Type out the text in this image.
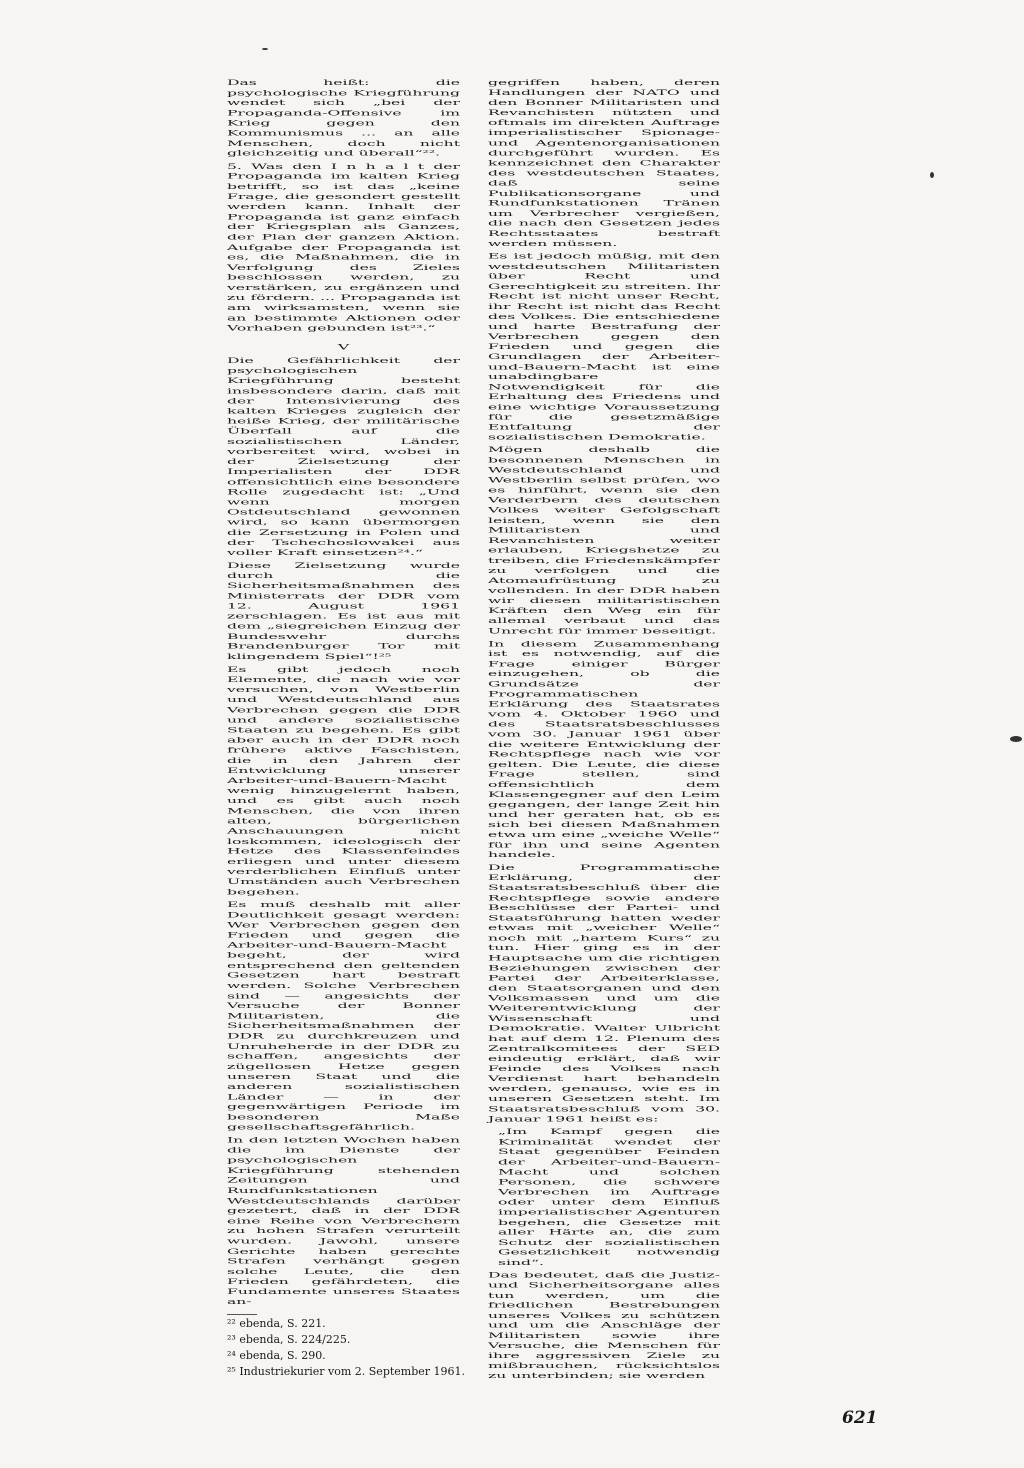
Das heißt: die psychologische Kriegführung wendet sich „bei der Propaganda-Offensive im Krieg gegen den Kommunismus ... an alle Menschen, doch nicht gleichzeitig und überall“²².

5. Was den I n h a l t der Propaganda im kalten Krieg betrifft, so ist das „keine Frage, die gesondert gestellt werden kann. Inhalt der Propaganda ist ganz einfach der Kriegsplan als Ganzes, der Plan der ganzen Aktion. Aufgabe der Propaganda ist es, die Maßnahmen, die in Verfolgung des Zieles beschlossen werden, zu verstärken, zu ergänzen und zu fördern. ... Propaganda ist am wirksamsten, wenn sie an bestimmte Aktionen oder Vorhaben gebunden ist²³.“

V

Die Gefährlichkeit der psychologischen Kriegführung besteht insbesondere darin, daß mit der Intensivierung des kalten Krieges zugleich der heiße Krieg, der militärische Überfall auf die sozialistischen Länder, vorbereitet wird, wobei in der Zielsetzung der Imperialisten der DDR offensichtlich eine besondere Rolle zugedacht ist: „Und wenn morgen Ostdeutschland gewonnen wird, so kann übermorgen die Zersetzung in Polen und der Tschechoslowakei aus voller Kraft einsetzen²⁴.“

Diese Zielsetzung wurde durch die Sicherheitsmaßnahmen des Ministerrats der DDR vom 12. August 1961 zerschlagen. Es ist aus mit dem „siegreichen Einzug der Bundeswehr durchs Brandenburger Tor mit klingendem Spiel“!²⁵

Es gibt jedoch noch Elemente, die nach wie vor versuchen, von Westberlin und Westdeutschland aus Verbrechen gegen die DDR und andere sozialistische Staaten zu begehen. Es gibt aber auch in der DDR noch frühere aktive Faschisten, die in den Jahren der Entwicklung unserer Arbeiter-und-Bauern-Macht wenig hinzugelernt haben, und es gibt auch noch Menschen, die von ihren alten, bürgerlichen Anschauungen nicht loskommen, ideologisch der Hetze des Klassenfeindes erliegen und unter diesem verderblichen Einfluß unter Umständen auch Verbrechen begehen.

Es muß deshalb mit aller Deutlichkeit gesagt werden: Wer Verbrechen gegen den Frieden und gegen die Arbeiter-und-Bauern-Macht begeht, der wird entsprechend den geltenden Gesetzen hart bestraft werden. Solche Verbrechen sind — angesichts der Versuche der Bonner Militaristen, die Sicherheitsmaßnahmen der DDR zu durchkreuzen und Unruheherde in der DDR zu schaffen, angesichts der zügellosen Hetze gegen unseren Staat und die anderen sozialistischen Länder — in der gegenwärtigen Periode im besonderen Maße gesellschaftsgefährlich.

In den letzten Wochen haben die im Dienste der psychologischen Kriegführung stehenden Zeitungen und Rundfunkstationen Westdeutschlands darüber gezetert, daß in der DDR eine Reihe von Verbrechern zu hohen Strafen verurteilt wurden. Jawohl, unsere Gerichte haben gerechte Strafen verhängt gegen solche Leute, die den Frieden gefährdeten, die Fundamente unseres Staates an-

gegriffen haben, deren Handlungen der NATO und den Bonner Militaristen und Revanchisten nützten und oftmals im direkten Auftrage imperialistischer Spionage- und Agentenorganisationen durchgeführt wurden. Es kennzeichnet den Charakter des westdeutschen Staates, daß seine Publikationsorgane und Rundfunkstationen Tränen um Verbrecher vergießen, die nach den Gesetzen jedes Rechtsstaates bestraft werden müssen.

Es ist jedoch müßig, mit den westdeutschen Militaristen über Recht und Gerechtigkeit zu streiten. Ihr Recht ist nicht unser Recht, ihr Recht ist nicht das Recht des Volkes. Die entschiedene und harte Bestrafung der Verbrechen gegen den Frieden und gegen die Grundlagen der Arbeiter-und-Bauern-Macht ist eine unabdingbare Notwendigkeit für die Erhaltung des Friedens und eine wichtige Voraussetzung für die gesetzmäßige Entfaltung der sozialistischen Demokratie.

Mögen deshalb die besonnenen Menschen in Westdeutschland und Westberlin selbst prüfen, wo es hinführt, wenn sie den Verderbern des deutschen Volkes weiter Gefolgschaft leisten, wenn sie den Militaristen und Revanchisten weiter erlauben, Kriegshetze zu treiben, die Friedenskämpfer zu verfolgen und die Atomaufrüstung zu vollenden. In der DDR haben wir diesen militaristischen Kräften den Weg ein für allemal verbaut und das Unrecht für immer beseitigt.

In diesem Zusammenhang ist es notwendig, auf die Frage einiger Bürger einzugehen, ob die Grundsätze der Programmatischen Erklärung des Staatsrates vom 4. Oktober 1960 und des Staatsratsbeschlusses vom 30. Januar 1961 über die weitere Entwicklung der Rechtspflege nach wie vor gelten. Die Leute, die diese Frage stellen, sind offensichtlich dem Klassengegner auf den Leim gegangen, der lange Zeit hin und her geraten hat, ob es sich bei diesen Maßnahmen etwa um eine „weiche Welle“ für ihn und seine Agenten handele.

Die Programmatische Erklärung, der Staatsratsbeschluß über die Rechtspflege sowie andere Beschlüsse der Partei- und Staatsführung hatten weder etwas mit „weicher Welle“ noch mit „hartem Kurs“ zu tun. Hier ging es in der Hauptsache um die richtigen Beziehungen zwischen der Partei der Arbeiterklasse, den Staatsorganen und den Volksmassen und um die Weiterentwicklung der Wissenschaft und Demokratie. Walter Ulbricht hat auf dem 12. Plenum des Zentralkomitees der SED eindeutig erklärt, daß wir Feinde des Volkes nach Verdienst hart behandeln werden, genauso, wie es in unseren Gesetzen steht. Im Staatsratsbeschluß vom 30. Januar 1961 heißt es:

„Im Kampf gegen die Kriminalität wendet der Staat gegenüber Feinden der Arbeiter-und-Bauern-Macht und solchen Personen, die schwere Verbrechen im Auftrage oder unter dem Einfluß imperialistischer Agenturen begehen, die Gesetze mit aller Härte an, die zum Schutz der sozialistischen Gesetzlichkeit notwendig sind“.

Das bedeutet, daß die Justiz- und Sicherheitsorgane alles tun werden, um die friedlichen Bestrebungen unseres Volkes zu schützen und um die Anschläge der Militaristen sowie ihre Versuche, die Menschen für ihre aggressiven Ziele zu mißbrauchen, rücksichtslos zu unterbinden; sie werden

²² ebenda, S. 221.
²³ ebenda, S. 224/225.
²⁴ ebenda, S. 290.
²⁵ Industriekurier vom 2. September 1961.
621
